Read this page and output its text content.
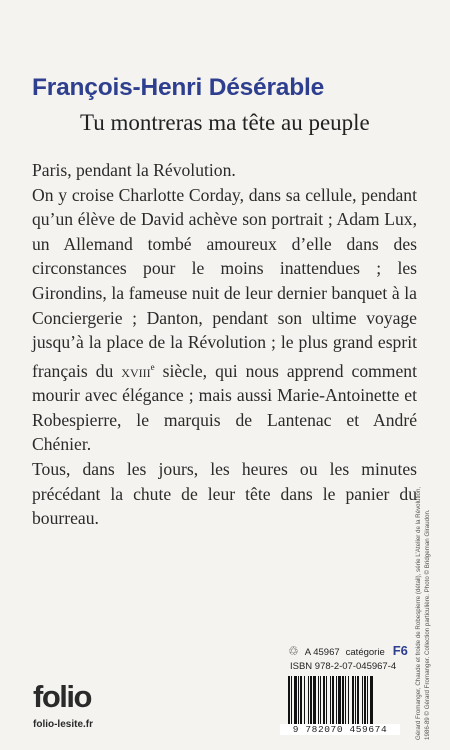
François-Henri Désérable
Tu montreras ma tête au peuple

Paris, pendant la Révolution.

On y croise Charlotte Corday, dans sa cellule, pendant qu’un élève de David achève son portrait ; Adam Lux, un Allemand tombé amoureux d’elle dans des circonstances pour le moins inattendues ; les Girondins, la fameuse nuit de leur dernier banquet à la Conciergerie ; Danton, pendant son ultime voyage jusqu’à la place de la Révolution ; le plus grand esprit français du xviii$^e$ siècle, qui nous apprend comment mourir avec élégance ; mais aussi Marie-Antoinette et Robespierre, le marquis de Lantenac et André Chénier.

Tous, dans les jours, les heures ou les minutes précédant la chute de leur tête dans le panier du bourreau.	Gérard Fromanger, Chaude et froide de Robespierre (détail), série L’Atelier de la Révolution, 1986-89 © Gérard Fromanger. Collection particulière. Photo © Bridgeman Giraudon.
♲ A 45967 catégorie F6
ISBN 978-2-07-045967-4
9 782070 459674
folio
folio-lesite.fr
